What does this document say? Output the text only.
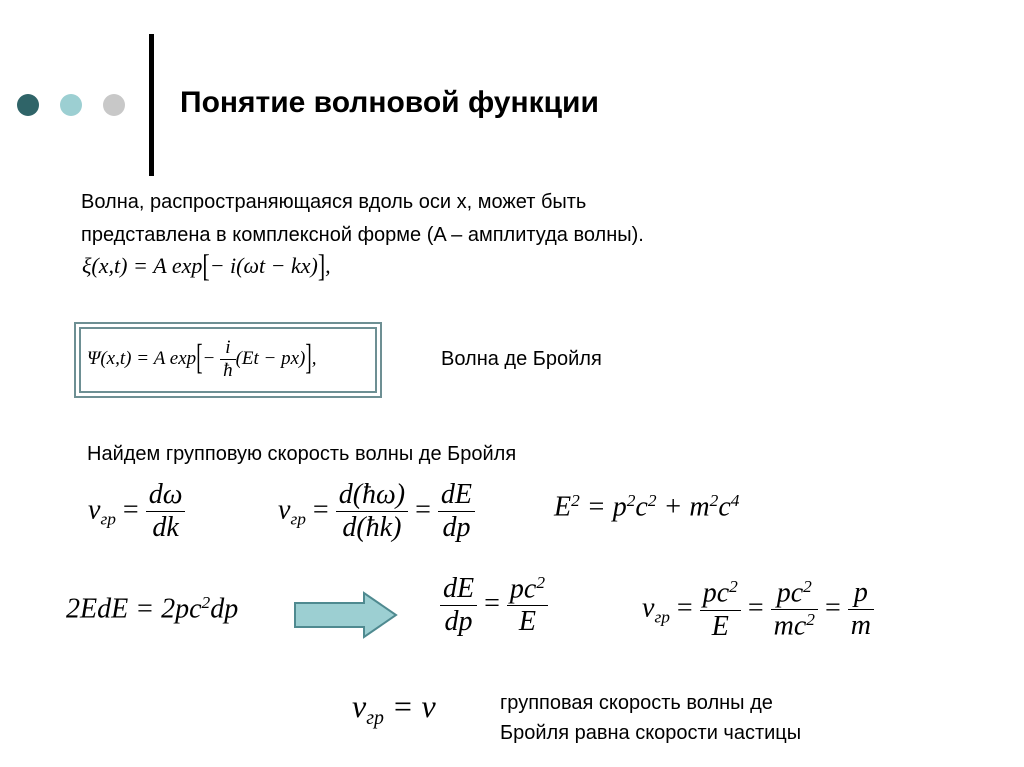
Понятие волновой функции
Волна, распространяющаяся вдоль оси x, может быть
представлена в комплексной форме (A – амплитуда волны).
ξ(x,t) = A exp[− i(ωt − kx)],
Ψ(x,t) = A $\exp[- \frac{i}{ħ} (Et - px)]$,	Волна де Бройля
Найдем групповую скорость волны де Бройля
$v_{гр} = \frac{d\omega}{dk}$	$v_{гр} = \frac{d(ħ\omega)}{d(ħk)} = \frac{dE}{dp}$	$E^2 = p^2c^2 + m^2c^4$
$2EdE = 2pc^2dp$	$\frac{dE}{dp} = \frac{pc^2}{E}$	$v_{гр} = \frac{pc^2}{E} = \frac{pc^2}{mc^2} = \frac{p}{m}$
$v_{гр} = v$	групповая скорость волны де
Бройля равна скорости частицы
